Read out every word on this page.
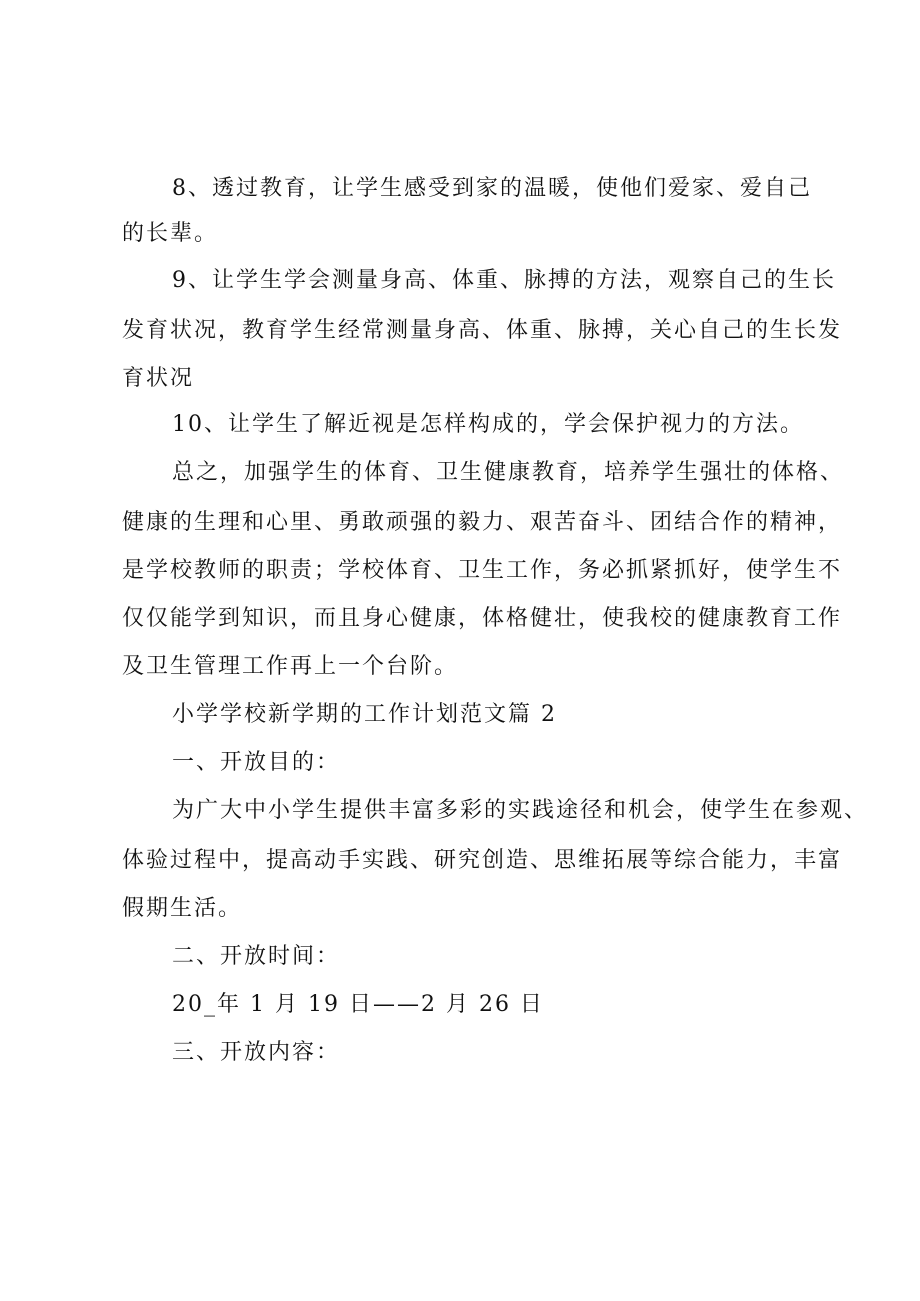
8、透过教育，让学生感受到家的温暖，使他们爱家、爱自己
的长辈。
9、让学生学会测量身高、体重、脉搏的方法，观察自己的生长
发育状况，教育学生经常测量身高、体重、脉搏，关心自己的生长发
育状况
10、让学生了解近视是怎样构成的，学会保护视力的方法。
总之，加强学生的体育、卫生健康教育，培养学生强壮的体格、
健康的生理和心里、勇敢顽强的毅力、艰苦奋斗、团结合作的精神，
是学校教师的职责；学校体育、卫生工作，务必抓紧抓好，使学生不
仅仅能学到知识，而且身心健康，体格健壮，使我校的健康教育工作
及卫生管理工作再上一个台阶。
小学学校新学期的工作计划范文篇 2
一、开放目的：
为广大中小学生提供丰富多彩的实践途径和机会，使学生在参观、
体验过程中，提高动手实践、研究创造、思维拓展等综合能力，丰富
假期生活。
二、开放时间：
20_年 1 月 19 日——2 月 26 日
三、开放内容：
